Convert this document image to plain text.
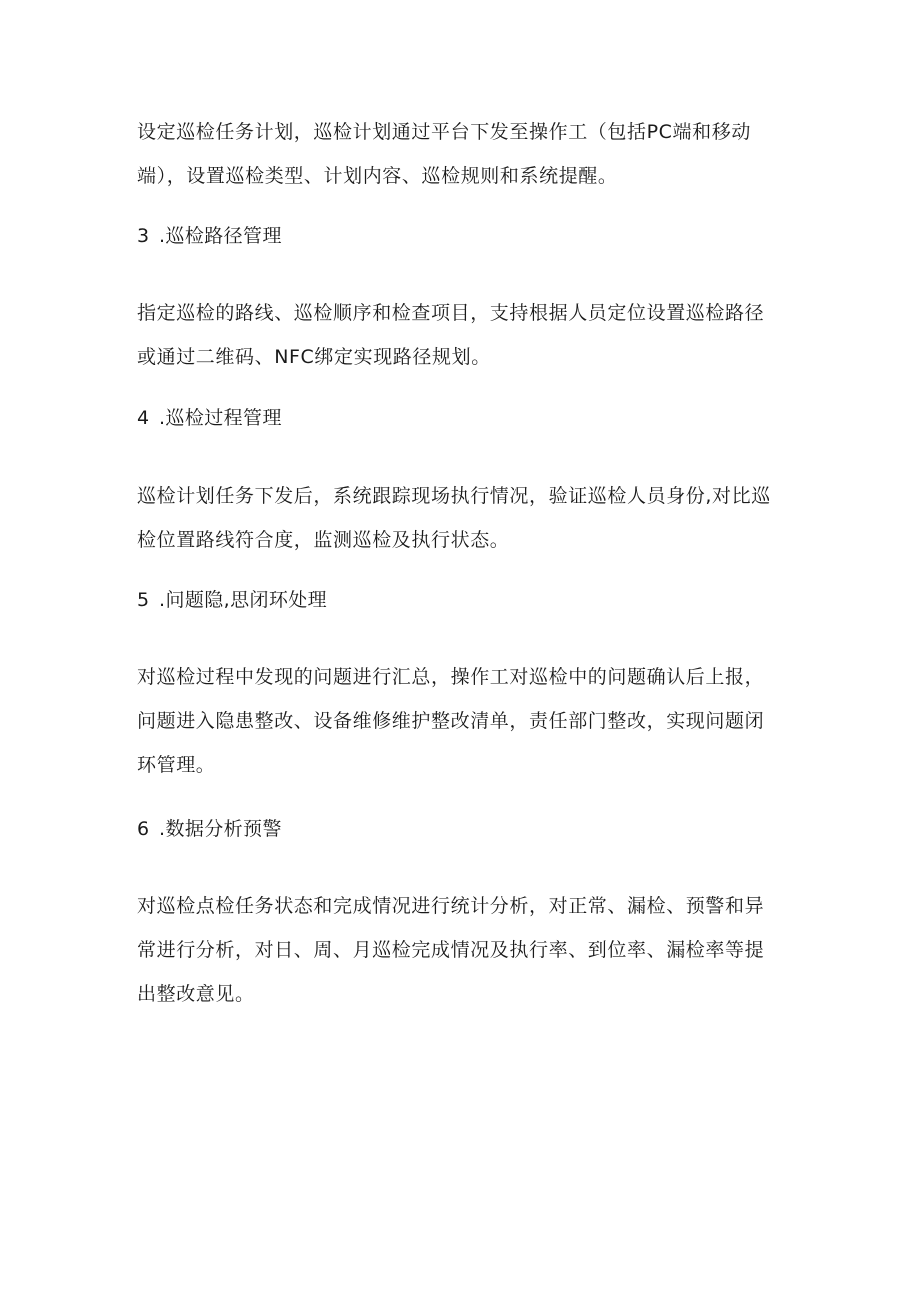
设定巡检任务计划，巡检计划通过平台下发至操作工（包括PC端和移动
端），设置巡检类型、计划内容、巡检规则和系统提醒。

3 .巡检路径管理

指定巡检的路线、巡检顺序和检查项目，支持根据人员定位设置巡检路径
或通过二维码、NFC绑定实现路径规划。

4 .巡检过程管理

巡检计划任务下发后，系统跟踪现场执行情况，验证巡检人员身份,对比巡
检位置路线符合度，监测巡检及执行状态。

5 .问题隐,思闭环处理

对巡检过程中发现的问题进行汇总，操作工对巡检中的问题确认后上报，
问题进入隐患整改、设备维修维护整改清单，责任部门整改，实现问题闭
环管理。

6 .数据分析预警

对巡检点检任务状态和完成情况进行统计分析，对正常、漏检、预警和异
常进行分析，对日、周、月巡检完成情况及执行率、到位率、漏检率等提
出整改意见。
